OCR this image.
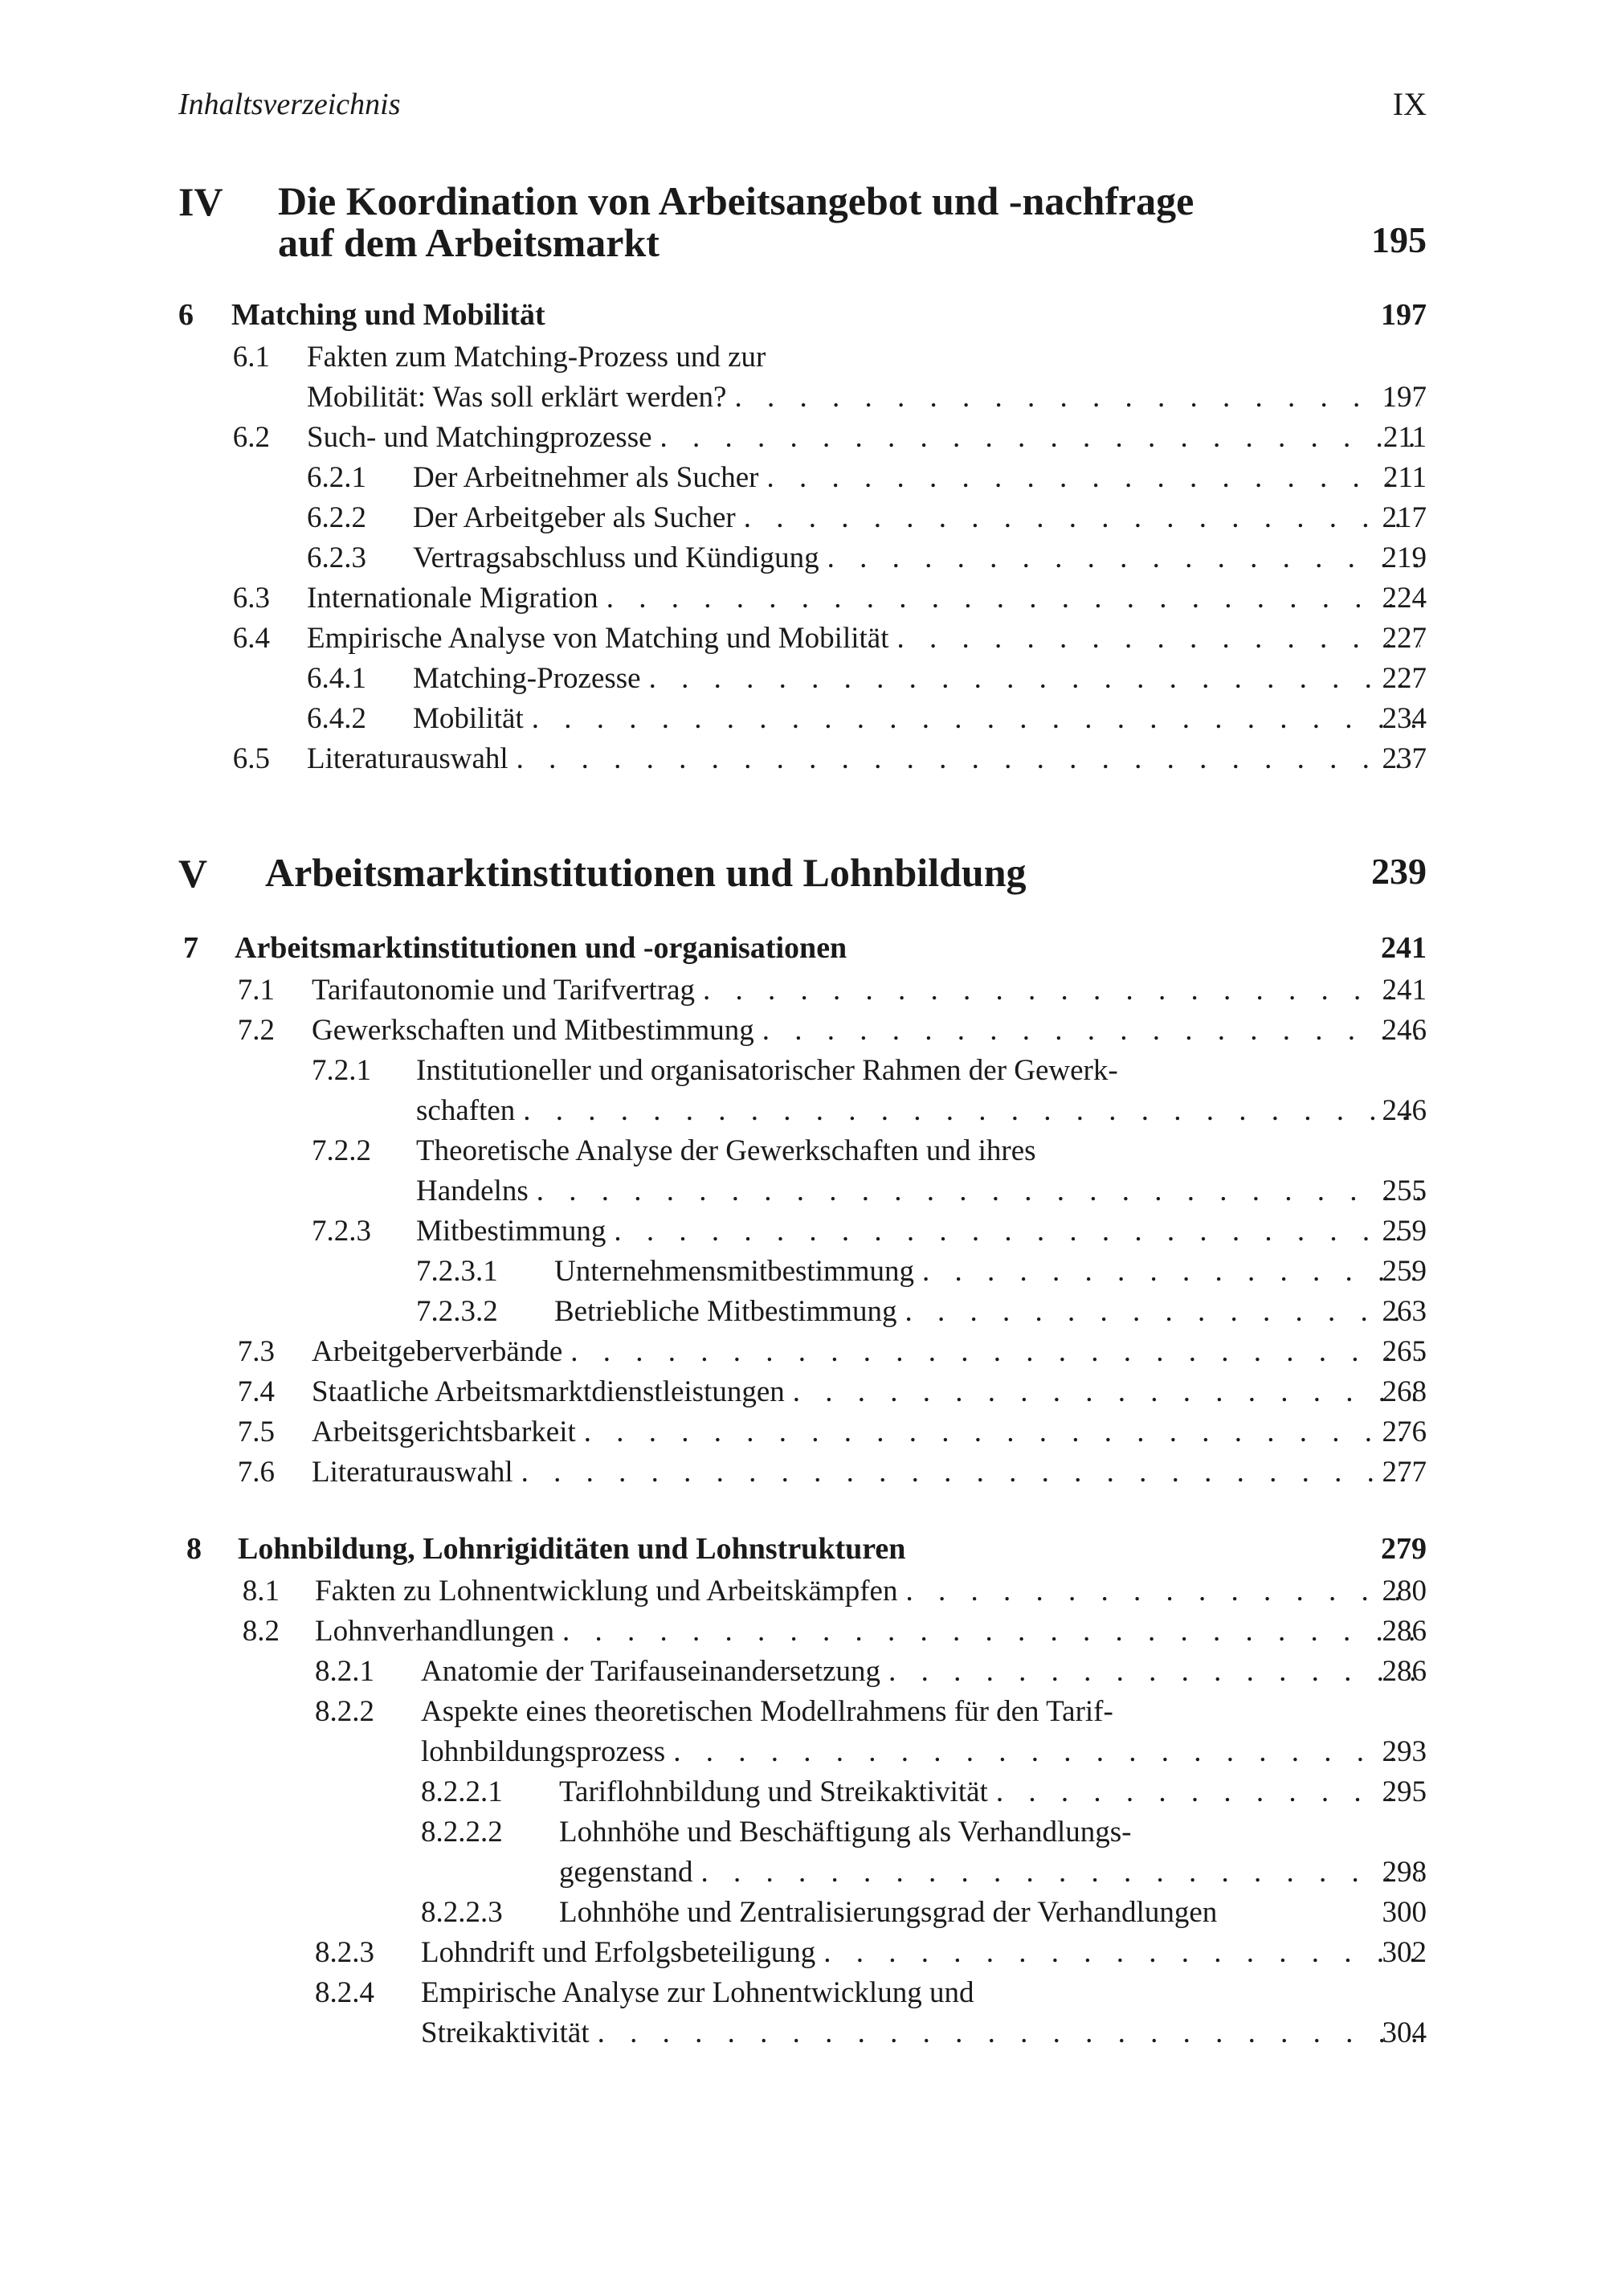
Inhaltsverzeichnis	IX
IV Die Koordination von Arbeitsangebot und -nachfrage
auf dem Arbeitsmarkt	195
6 Matching und Mobilität	197
6.1 Fakten zum Matching-Prozess und zur
Mobilität: Was soll erklärt werden? . . .	197
6.2 Such- und Matchingprozesse . . .	211
6.2.1 Der Arbeitnehmer als Sucher . . .	211
6.2.2 Der Arbeitgeber als Sucher . . .	217
6.2.3 Vertragsabschluss und Kündigung . . .	219
6.3 Internationale Migration . . .	224
6.4 Empirische Analyse von Matching und Mobilität . . .	227
6.4.1 Matching-Prozesse . . .	227
6.4.2 Mobilität . . .	234
6.5 Literaturauswahl . . .	237
V Arbeitsmarktinstitutionen und Lohnbildung	239
7 Arbeitsmarktinstitutionen und -organisationen	241
7.1 Tarifautonomie und Tarifvertrag . . .	241
7.2 Gewerkschaften und Mitbestimmung . . .	246
7.2.1 Institutioneller und organisatorischer Rahmen der Gewerk-
schaften . . .	246
7.2.2 Theoretische Analyse der Gewerkschaften und ihres
Handelns . . .	255
7.2.3 Mitbestimmung . . .	259
7.2.3.1 Unternehmensmitbestimmung . . .	259
7.2.3.2 Betriebliche Mitbestimmung . . .	263
7.3 Arbeitgeberverbände . . .	265
7.4 Staatliche Arbeitsmarktdienstleistungen . . .	268
7.5 Arbeitsgerichtsbarkeit . . .	276
7.6 Literaturauswahl . . .	277
8 Lohnbildung, Lohnrigiditäten und Lohnstrukturen	279
8.1 Fakten zu Lohnentwicklung und Arbeitskämpfen . . .	280
8.2 Lohnverhandlungen . . .	286
8.2.1 Anatomie der Tarifauseinandersetzung . . .	286
8.2.2 Aspekte eines theoretischen Modellrahmens für den Tarif-
lohnbildungsprozess . . .	293
8.2.2.1 Tariflohnbildung und Streikaktivität . . .	295
8.2.2.2 Lohnhöhe und Beschäftigung als Verhandlungs-
gegenstand . . .	298
8.2.2.3 Lohnhöhe und Zentralisierungsgrad der Verhandlungen	300
8.2.3 Lohndrift und Erfolgsbeteiligung . . .	302
8.2.4 Empirische Analyse zur Lohnentwicklung und
Streikaktivität . . .	304
